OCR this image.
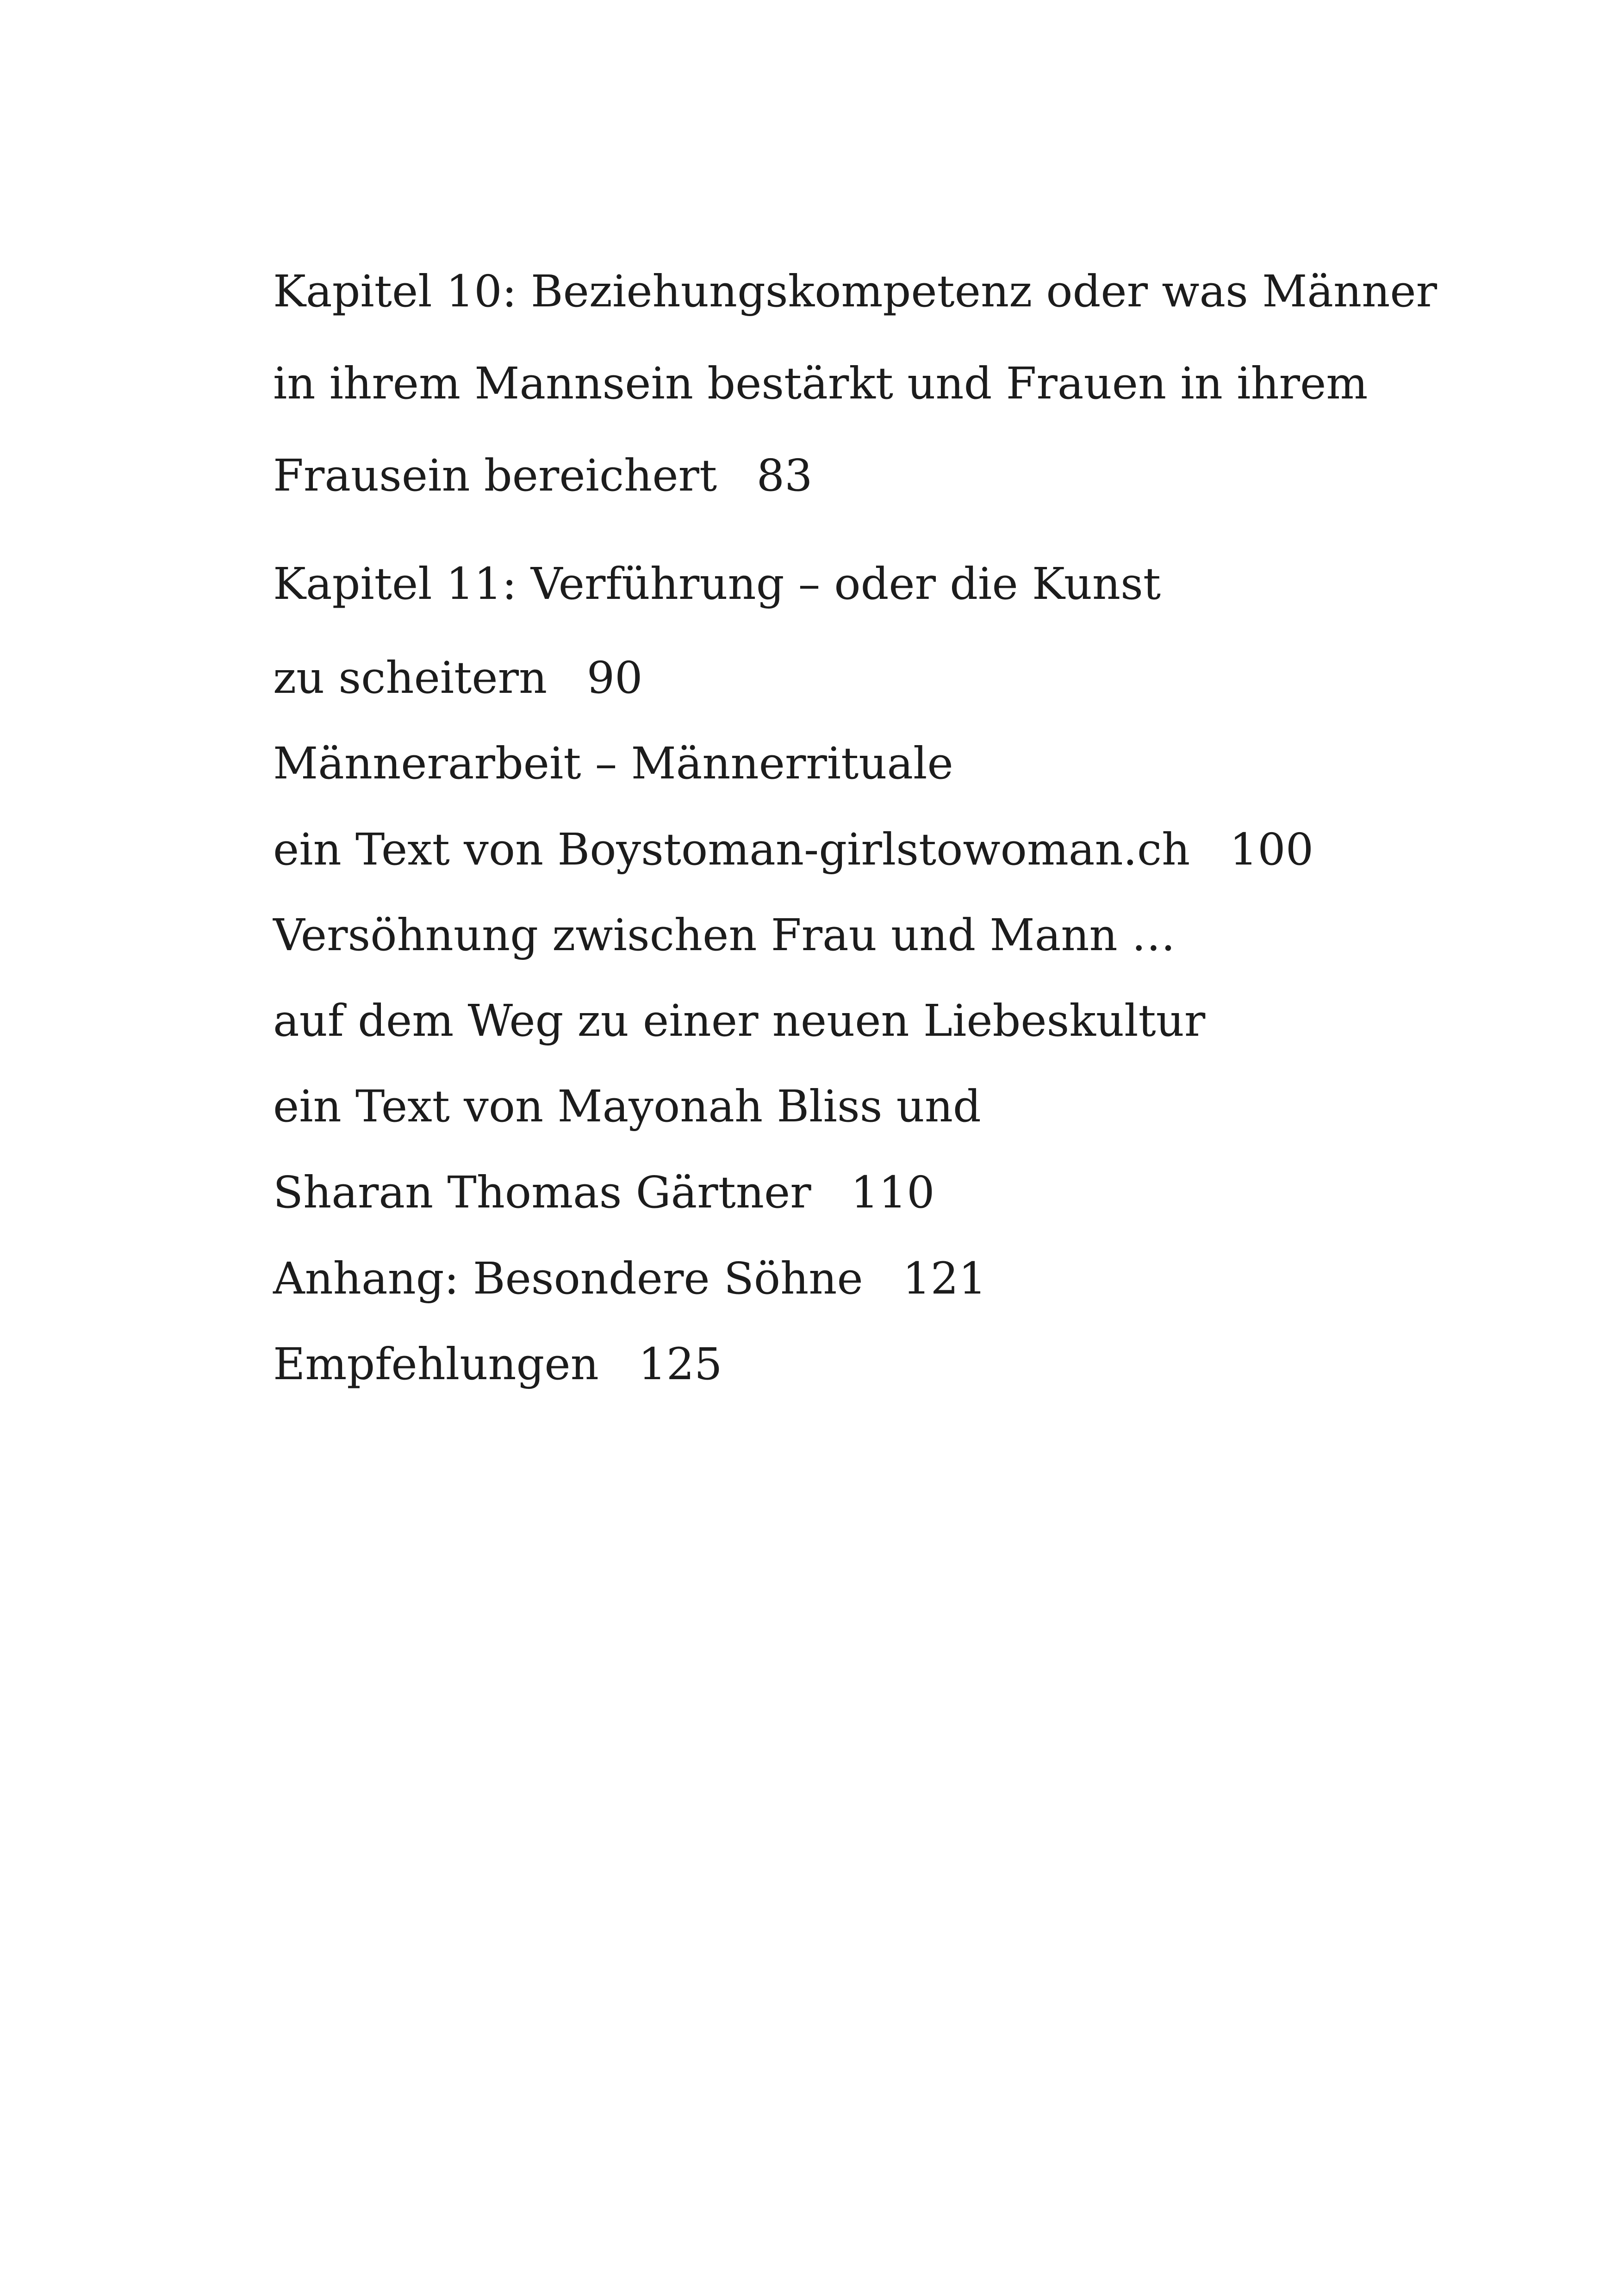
Kapitel 10: Beziehungskompetenz oder was Männer
in ihrem Mannsein bestärkt und Frauen in ihrem
Frausein bereichert 83
Kapitel 11: Verführung – oder die Kunst
zu scheitern 90
Männerarbeit – Männerrituale
ein Text von Boystoman-girlstowoman.ch 100
Versöhnung zwischen Frau und Mann …
auf dem Weg zu einer neuen Liebeskultur
ein Text von Mayonah Bliss und
Sharan Thomas Gärtner 110
Anhang: Besondere Söhne 121
Empfehlungen 125
